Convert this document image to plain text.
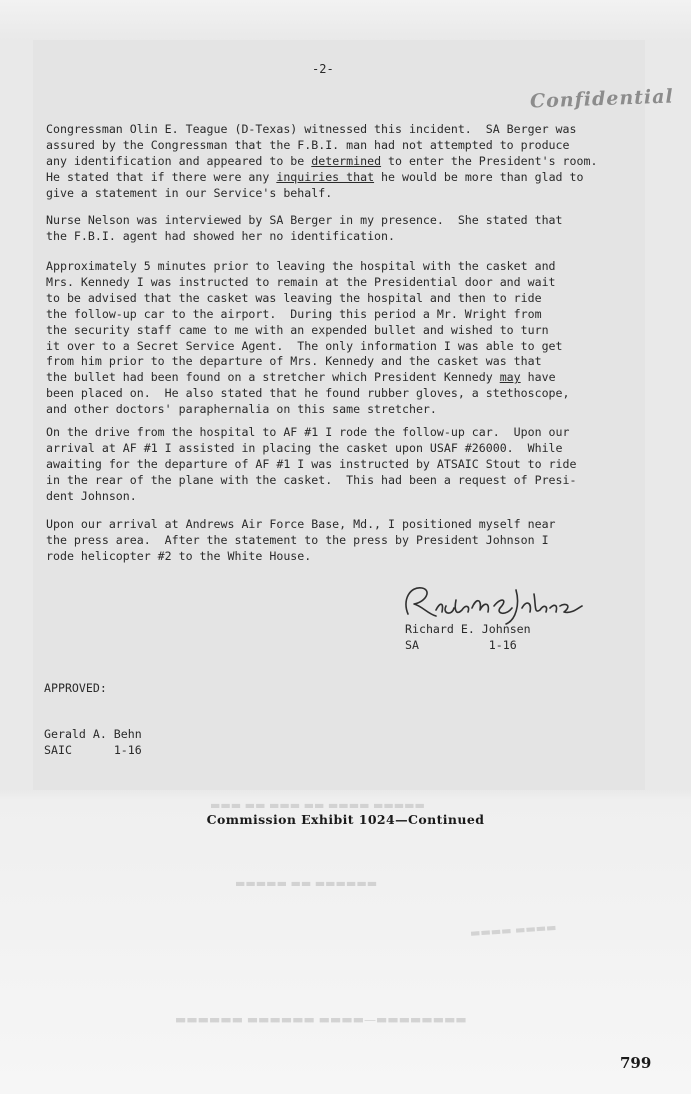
-2-
Confidential
Congressman Olin E. Teague (D-Texas) witnessed this incident.  SA Berger was
assured by the Congressman that the F.B.I. man had not attempted to produce
any identification and appeared to be determined to enter the President's room.
He stated that if there were any inquiries that he would be more than glad to
give a statement in our Service's behalf.
Nurse Nelson was interviewed by SA Berger in my presence.  She stated that
the F.B.I. agent had showed her no identification.
Approximately 5 minutes prior to leaving the hospital with the casket and
Mrs. Kennedy I was instructed to remain at the Presidential door and wait
to be advised that the casket was leaving the hospital and then to ride
the follow-up car to the airport.  During this period a Mr. Wright from
the security staff came to me with an expended bullet and wished to turn
it over to a Secret Service Agent.  The only information I was able to get
from him prior to the departure of Mrs. Kennedy and the casket was that
the bullet had been found on a stretcher which President Kennedy may have
been placed on.  He also stated that he found rubber gloves, a stethoscope,
and other doctors' paraphernalia on this same stretcher.
On the drive from the hospital to AF #1 I rode the follow-up car.  Upon our
arrival at AF #1 I assisted in placing the casket upon USAF #26000.  While
awaiting for the departure of AF #1 I was instructed by ATSAIC Stout to ride
in the rear of the plane with the casket.  This had been a request of Presi-
dent Johnson.
Upon our arrival at Andrews Air Force Base, Md., I positioned myself near
the press area.  After the statement to the press by President Johnson I
rode helicopter #2 to the White House.
Richard E. Johnsen
SA	1-16
APPROVED:
Gerald A. Behn
SAIC	1-16
Commission Exhibit 1024—Continued
▬▬▬▬▬▬ ▬▬▬▬▬▬ ▬▬▬▬—▬▬▬▬▬▬▬▬
▬▬▬▬▬ ▬▬ ▬▬▬▬▬▬
▬▬▬ ▬▬ ▬▬▬ ▬▬ ▬▬▬▬ ▬▬▬▬▬
▬▬▬▬ ▬▬▬▬
799
